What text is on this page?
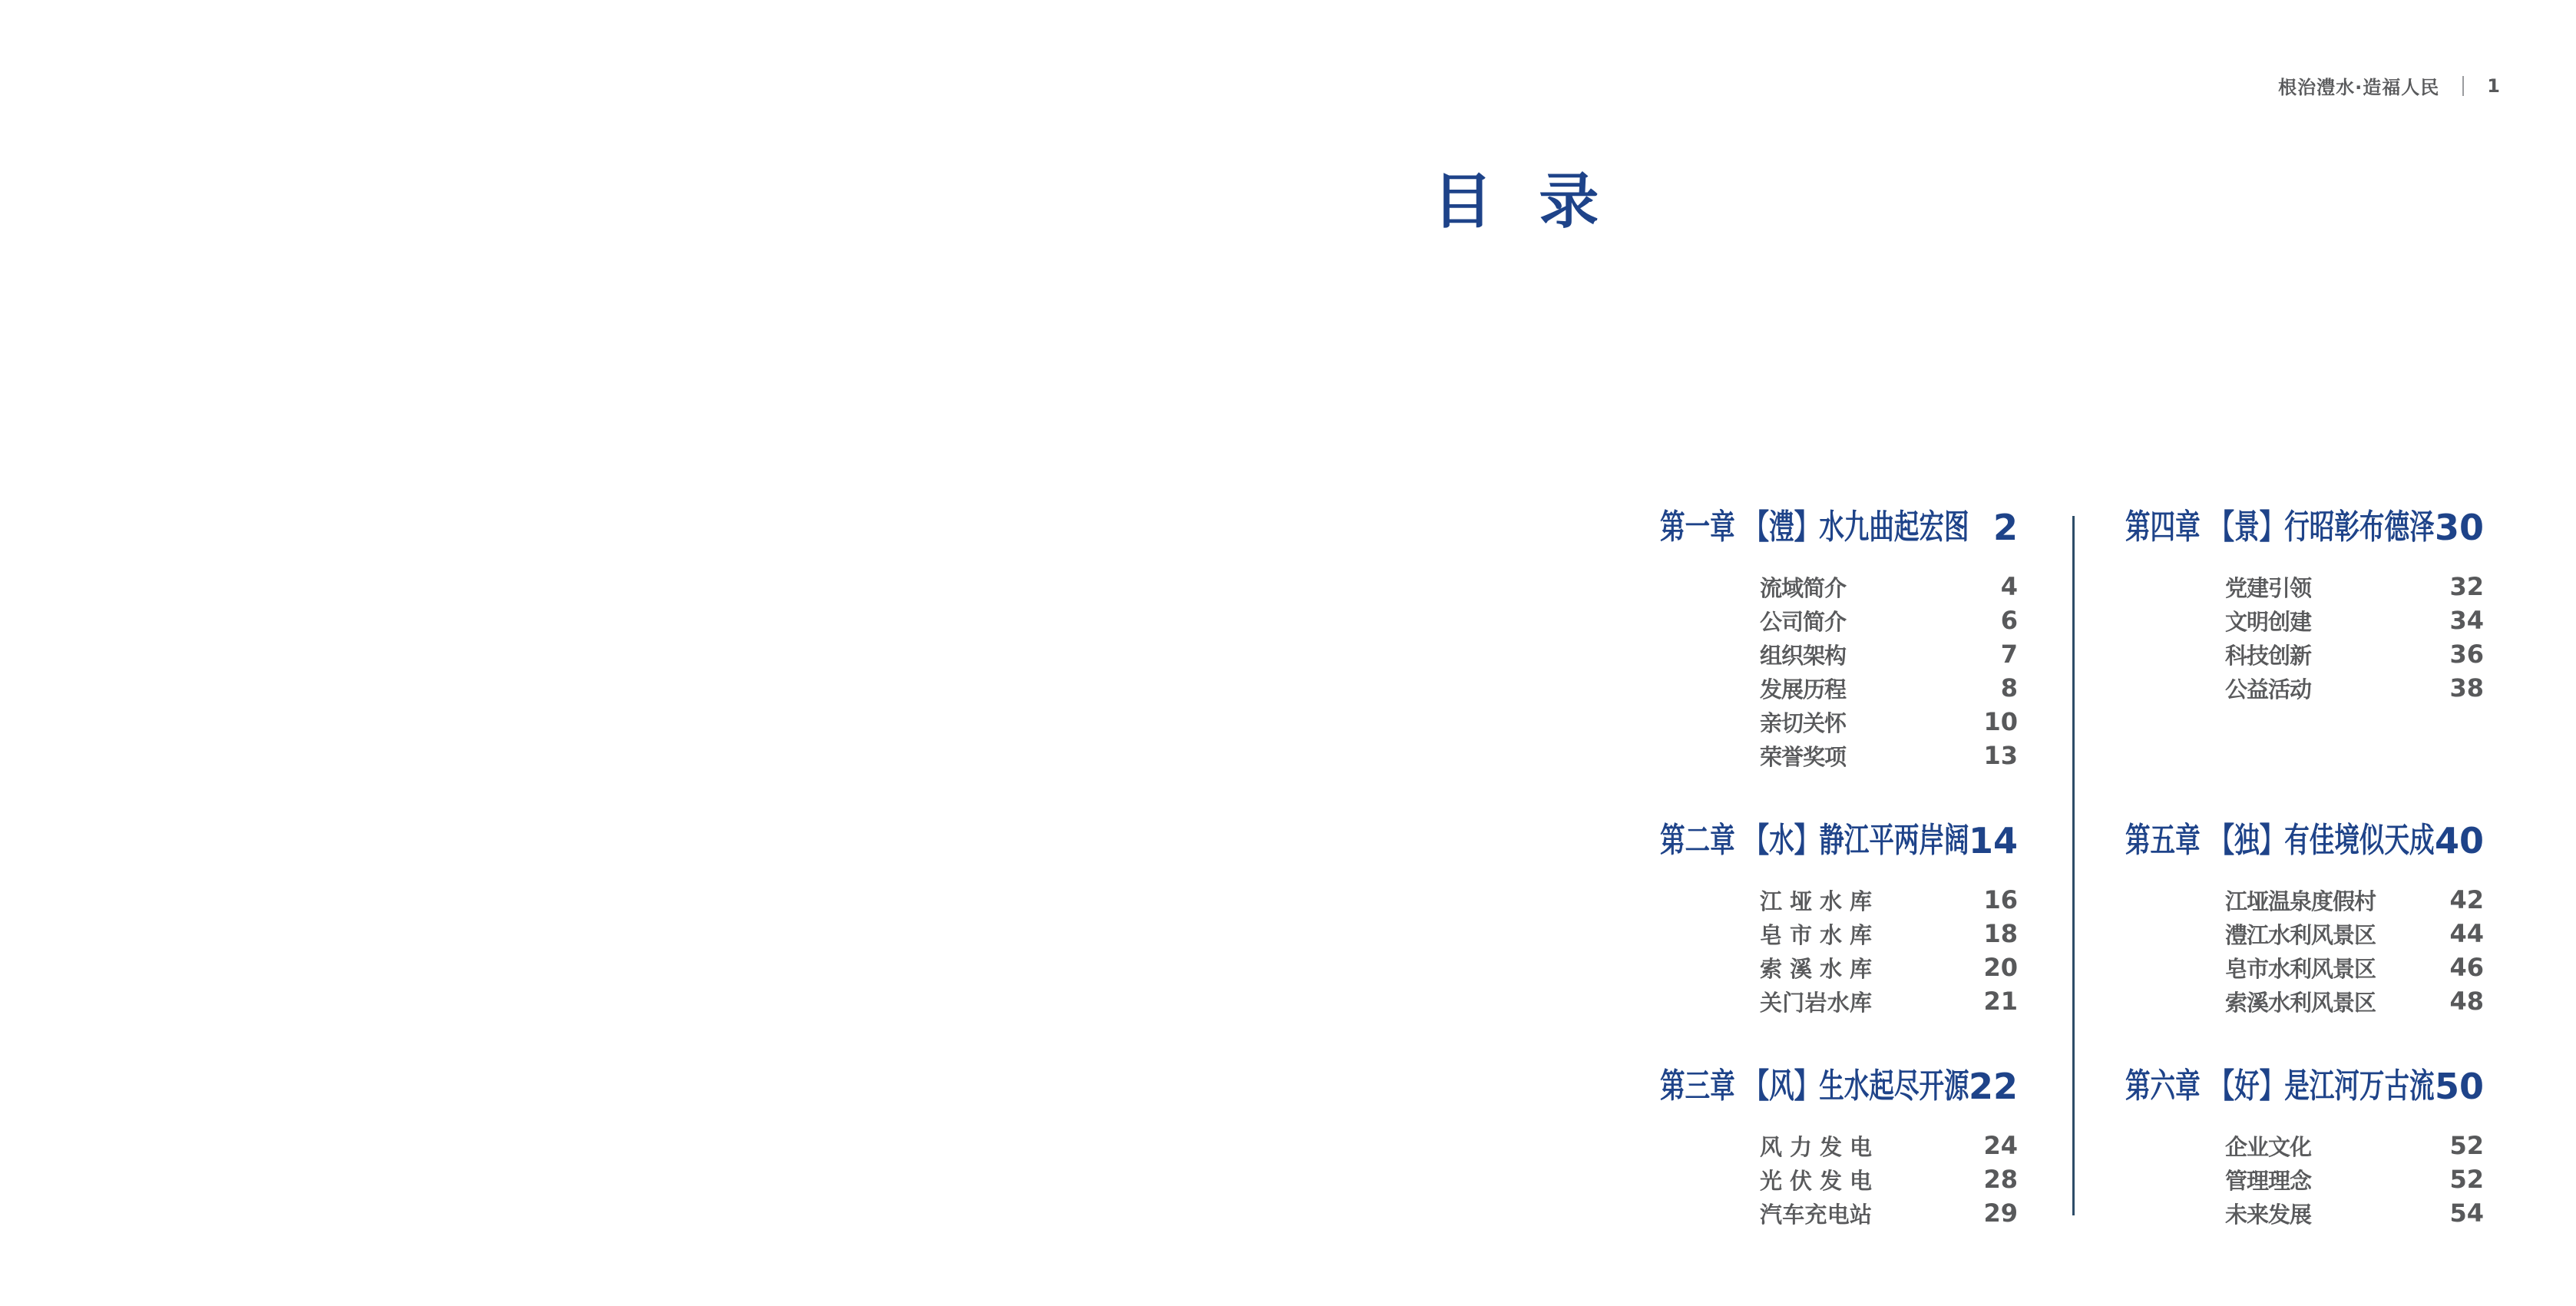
根治澧水·造福人民	1
目  录
第一章 【澧】水九曲起宏图 2
流域简介	4
公司简介	6
组织架构	7
发展历程	8
亲切关怀	10
荣誉奖项	13
第二章 【水】静江平两岸阔 14
江垭水库	16
皂市水库	18
索溪水库	20
关门岩水库	21
第三章 【风】生水起尽开源 22
风力发电	24
光伏发电	28
汽车充电站	29
第四章 【景】行昭彰布德泽 30
党建引领	32
文明创建	34
科技创新	36
公益活动	38
第五章 【独】有佳境似天成 40
江垭温泉度假村	42
澧江水利风景区	44
皂市水利风景区	46
索溪水利风景区	48
第六章 【好】是江河万古流 50
企业文化	52
管理理念	52
未来发展	54
